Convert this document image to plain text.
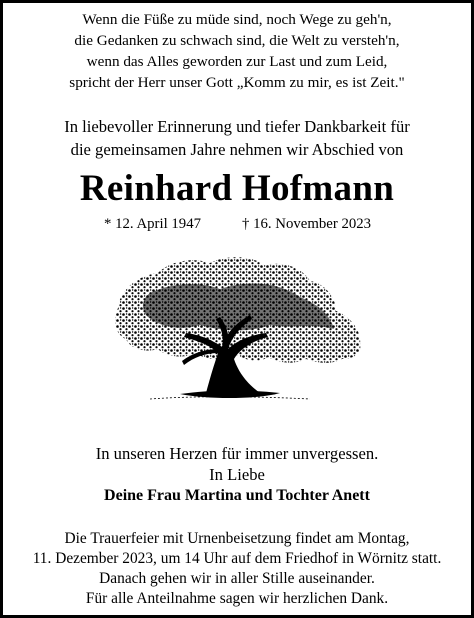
Wenn die Füße zu müde sind, noch Wege zu geh'n,
die Gedanken zu schwach sind, die Welt zu versteh'n,
wenn das Alles geworden zur Last und zum Leid,
spricht der Herr unser Gott „Komm zu mir, es ist Zeit."
In liebevoller Erinnerung und tiefer Dankbarkeit für
die gemeinsamen Jahre nehmen wir Abschied von
Reinhard Hofmann
* 12. April 1947	† 16. November 2023
In unseren Herzen für immer unvergessen.
In Liebe
Deine Frau Martina und Tochter Anett
Die Trauerfeier mit Urnenbeisetzung findet am Montag,
11. Dezember 2023, um 14 Uhr auf dem Friedhof in Wörnitz statt.
Danach gehen wir in aller Stille auseinander.
Für alle Anteilnahme sagen wir herzlichen Dank.
